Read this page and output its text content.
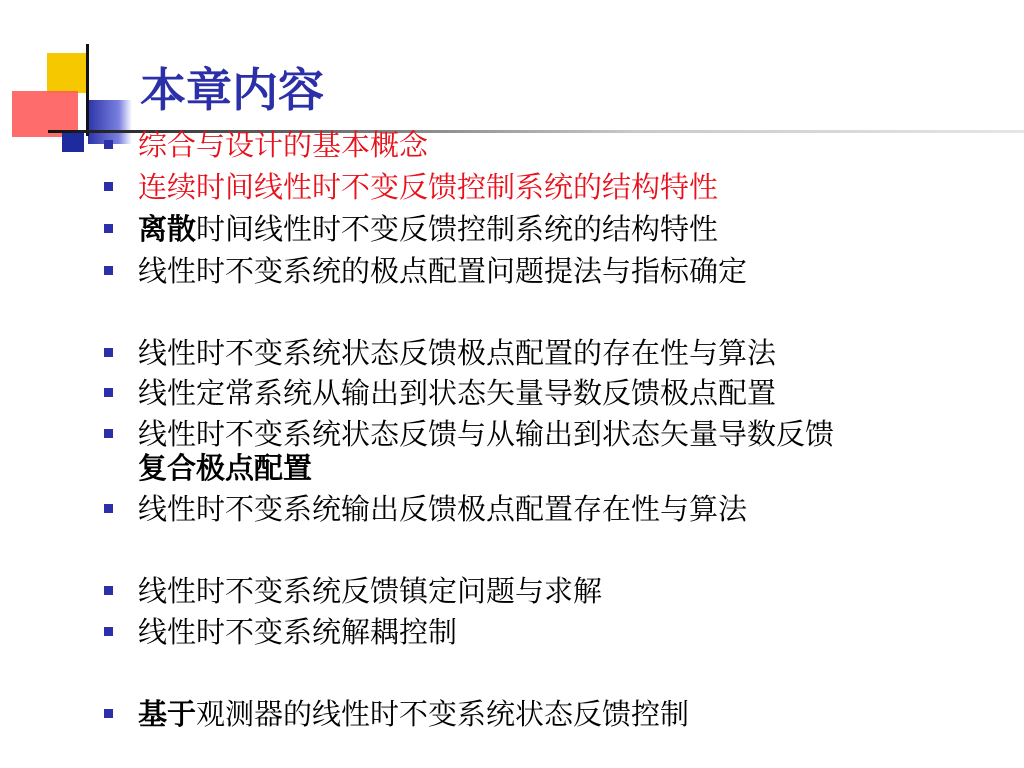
本章内容
综合与设计的基本概念
连续时间线性时不变反馈控制系统的结构特性
离散时间线性时不变反馈控制系统的结构特性
线性时不变系统的极点配置问题提法与指标确定
线性时不变系统状态反馈极点配置的存在性与算法
线性定常系统从输出到状态矢量导数反馈极点配置
线性时不变系统状态反馈与从输出到状态矢量导数反馈
复合极点配置
线性时不变系统输出反馈极点配置存在性与算法
线性时不变系统反馈镇定问题与求解
线性时不变系统解耦控制
基于观测器的线性时不变系统状态反馈控制
